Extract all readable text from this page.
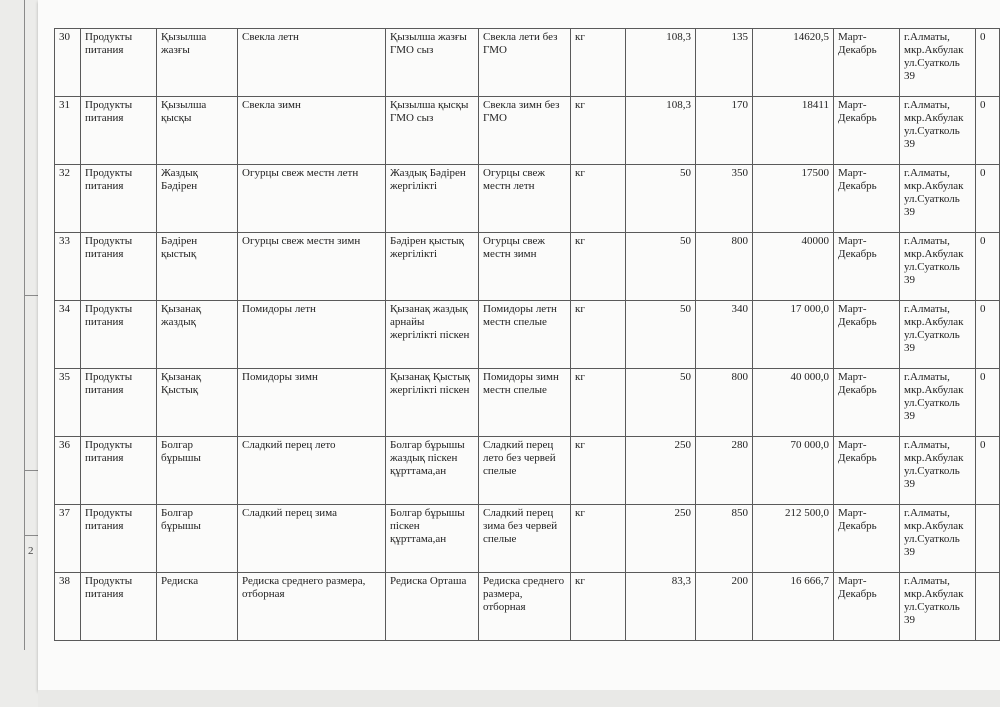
2
30	Продукты питания	Қызылша жазғы	Свекла летн	Қызылша жазғы ГМО сыз	Свекла лети без ГМО	кг	108,3	135	14620,5	Март-Декабрь	г.Алматы, мкр.Акбулак ул.Суатколь 39	0
31	Продукты питания	Қызылша қысқы	Свекла зимн	Қызылша қысқы ГМО сыз	Свекла зимн без ГМО	кг	108,3	170	18411	Март-Декабрь	г.Алматы, мкр.Акбулак ул.Суатколь 39	0
32	Продукты питания	Жаздық Бәдірен	Огурцы свеж местн летн	Жаздық Бәдірен жергілікті	Огурцы свеж местн летн	кг	50	350	17500	Март-Декабрь	г.Алматы, мкр.Акбулак ул.Суатколь 39	0
33	Продукты питания	Бәдірен қыстық	Огурцы свеж местн зимн	Бәдірен қыстық жергілікті	Огурцы свеж местн зимн	кг	50	800	40000	Март-Декабрь	г.Алматы, мкр.Акбулак ул.Суатколь 39	0
34	Продукты питания	Қызанақ жаздық	Помидоры летн	Қызанақ жаздық арнайы жергілікті піскен	Помидоры летн местн спелые	кг	50	340	17 000,0	Март-Декабрь	г.Алматы, мкр.Акбулак ул.Суатколь 39	0
35	Продукты питания	Қызанақ Қыстық	Помидоры зимн	Қызанақ Қыстық жергілікті піскен	Помидоры зимн местн спелые	кг	50	800	40 000,0	Март-Декабрь	г.Алматы, мкр.Акбулак ул.Суатколь 39	0
36	Продукты питания	Болгар бұрышы	Сладкий перец лето	Болгар бұрышы жаздық піскен құрттама,ан	Сладкий перец лето без червей спелые	кг	250	280	70 000,0	Март-Декабрь	г.Алматы, мкр.Акбулак ул.Суатколь 39	0
37	Продукты питания	Болгар бұрышы	Сладкий перец зима	Болгар бұрышы піскен құрттама,ан	Сладкий перец зима без червей спелые	кг	250	850	212 500,0	Март-Декабрь	г.Алматы, мкр.Акбулак ул.Суатколь 39	
38	Продукты питания	Редиска	Редиска среднего размера, отборная	Редиска Орташа	Редиска среднего размера, отборная	кг	83,3	200	16 666,7	Март-Декабрь	г.Алматы, мкр.Акбулак ул.Суатколь 39	
